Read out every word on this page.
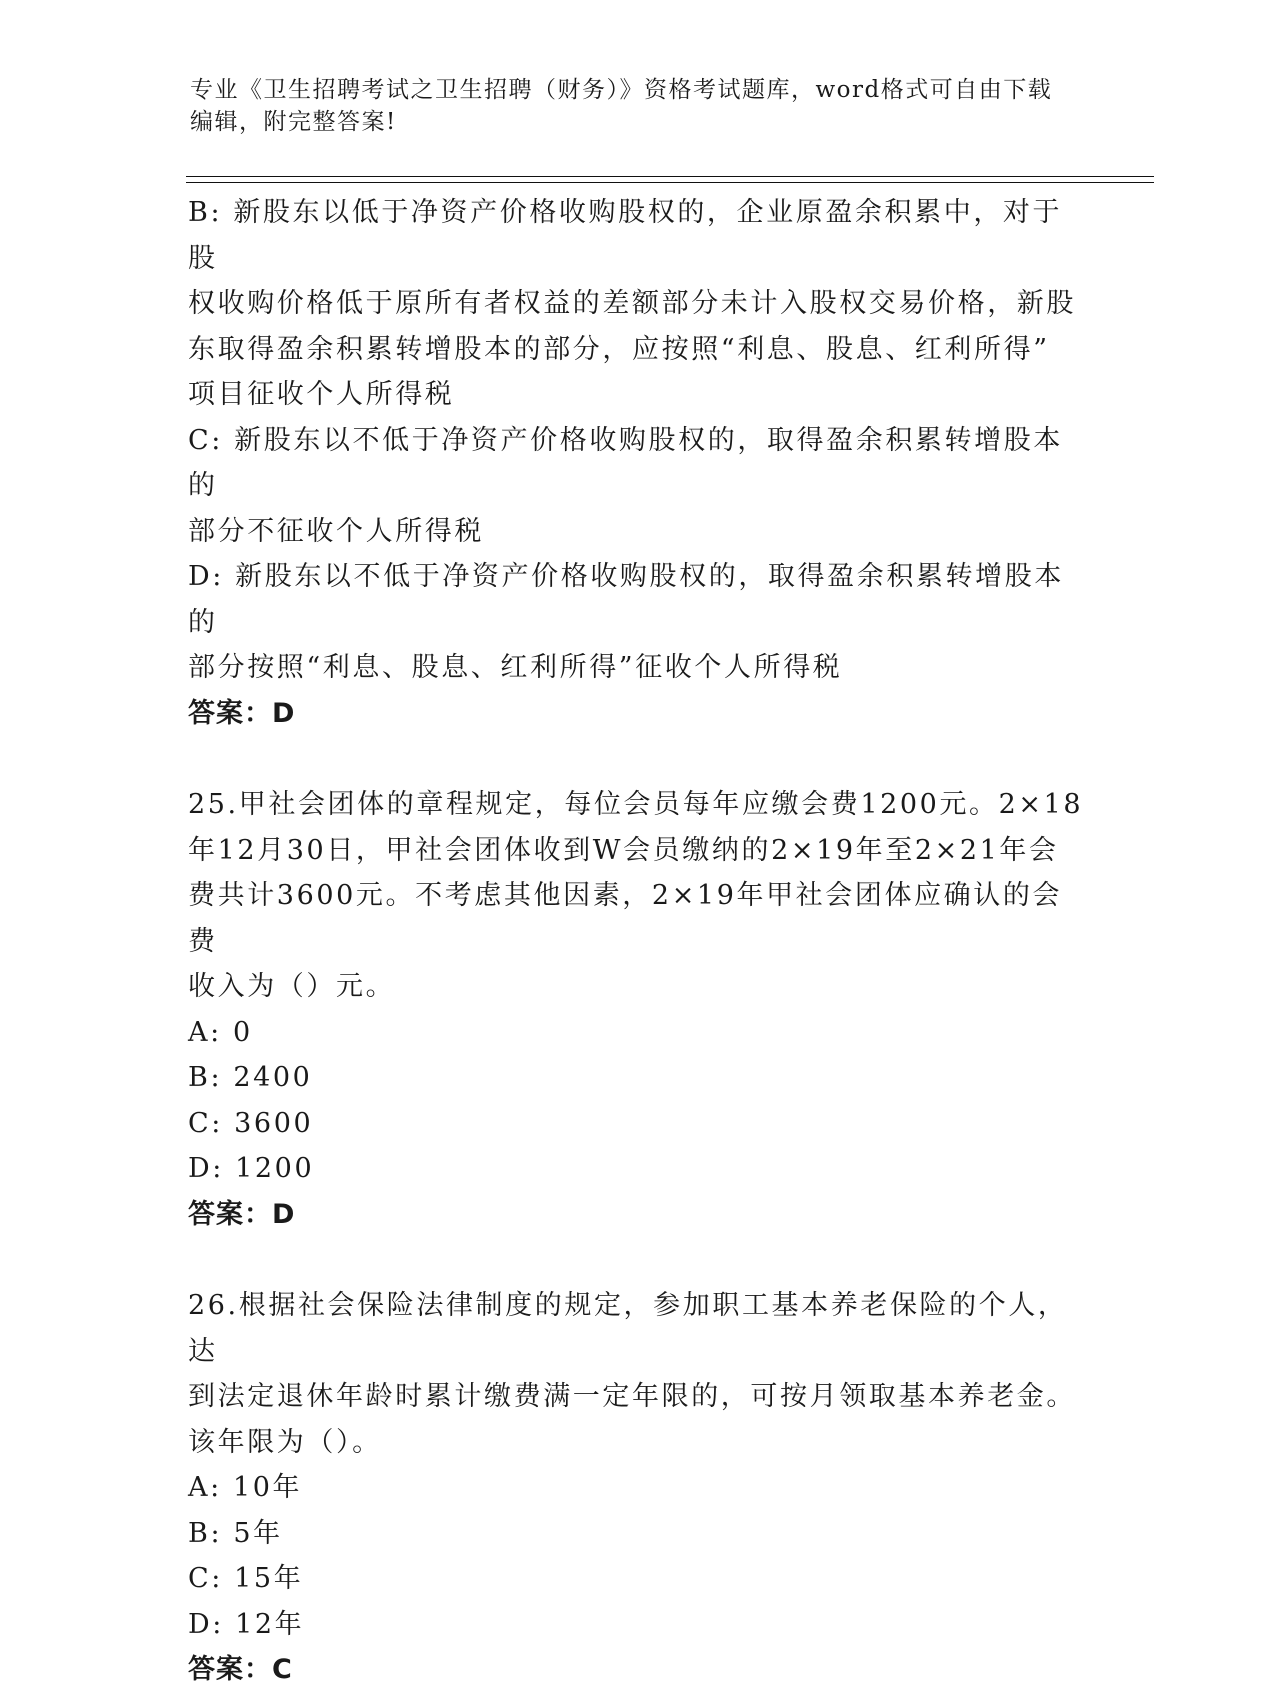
专业《卫生招聘考试之卫生招聘（财务）》资格考试题库，word格式可自由下载
编辑，附完整答案!

B: 新股东以低于净资产价格收购股权的，企业原盈余积累中，对于股

权收购价格低于原所有者权益的差额部分未计入股权交易价格，新股

东取得盈余积累转增股本的部分，应按照“利息、股息、红利所得”

项目征收个人所得税

C: 新股东以不低于净资产价格收购股权的，取得盈余积累转增股本的

部分不征收个人所得税

D: 新股东以不低于净资产价格收购股权的，取得盈余积累转增股本的

部分按照“利息、股息、红利所得”征收个人所得税

答案：D

25.甲社会团体的章程规定，每位会员每年应缴会费1200元。2×18

年12月30日，甲社会团体收到W会员缴纳的2×19年至2×21年会

费共计3600元。不考虑其他因素，2×19年甲社会团体应确认的会费

收入为（）元。

A: 0

B: 2400

C: 3600

D: 1200

答案：D

26.根据社会保险法律制度的规定，参加职工基本养老保险的个人，达

到法定退休年龄时累计缴费满一定年限的，可按月领取基本养老金。

该年限为（）。

A: 10年

B: 5年

C: 15年

D: 12年

答案：C
